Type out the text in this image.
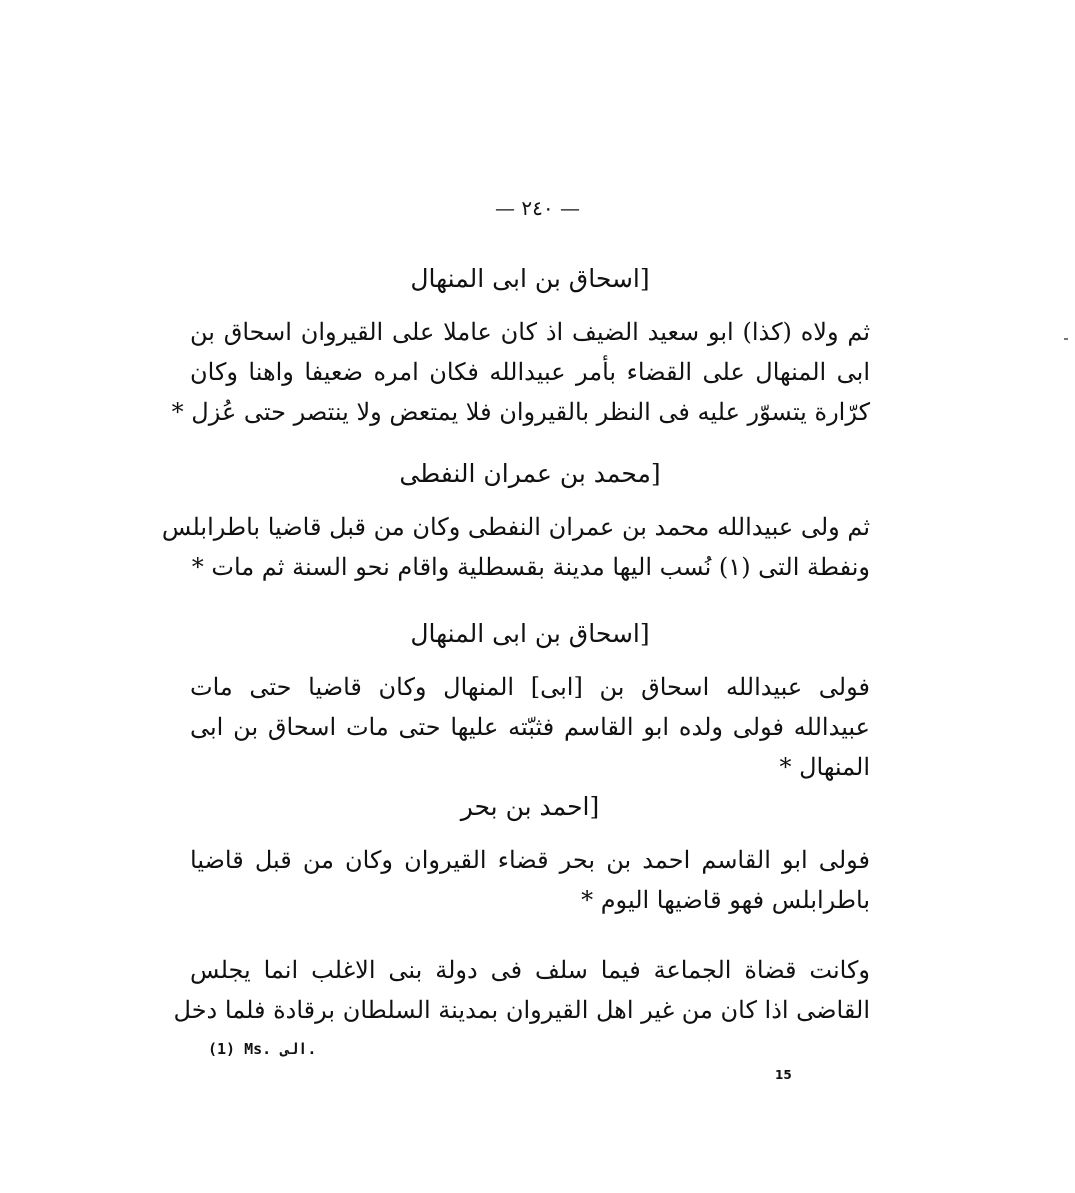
— ٢٤٠ —
[اسحاق بن ابى المنهال
ثم ولاه (كذا) ابو سعيد الضيف اذ كان عاملا على القيروان اسحاق بن
ابى المنهال على القضاء بأمر عبيدالله فكان امره ضعيفا واهنا وكان
كرّارة يتسوّر عليه فى النظر بالقيروان فلا يمتعض ولا ينتصر حتى عُزل *
[محمد بن عمران النفطى
ثم ولى عبيدالله محمد بن عمران النفطى وكان من قبل قاضيا باطرابلس
ونفطة التى (١) نُسب اليها مدينة بقسطلية واقام نحو السنة ثم مات *
[اسحاق بن ابى المنهال
فولى عبيدالله اسحاق بن [ابى] المنهال وكان قاضيا حتى مات
عبيدالله فولى ولده ابو القاسم فثبّته عليها حتى مات اسحاق بن ابى
المنهال *
[احمد بن بحر
فولى ابو القاسم احمد بن بحر قضاء القيروان وكان من قبل قاضيا
باطرابلس فهو قاضيها اليوم *
وكانت قضاة الجماعة فيما سلف فى دولة بنى الاغلب انما يجلس
القاضى اذا كان من غير اهل القيروان بمدينة السلطان برقادة فلما دخل
(1) Ms. الى.
15
